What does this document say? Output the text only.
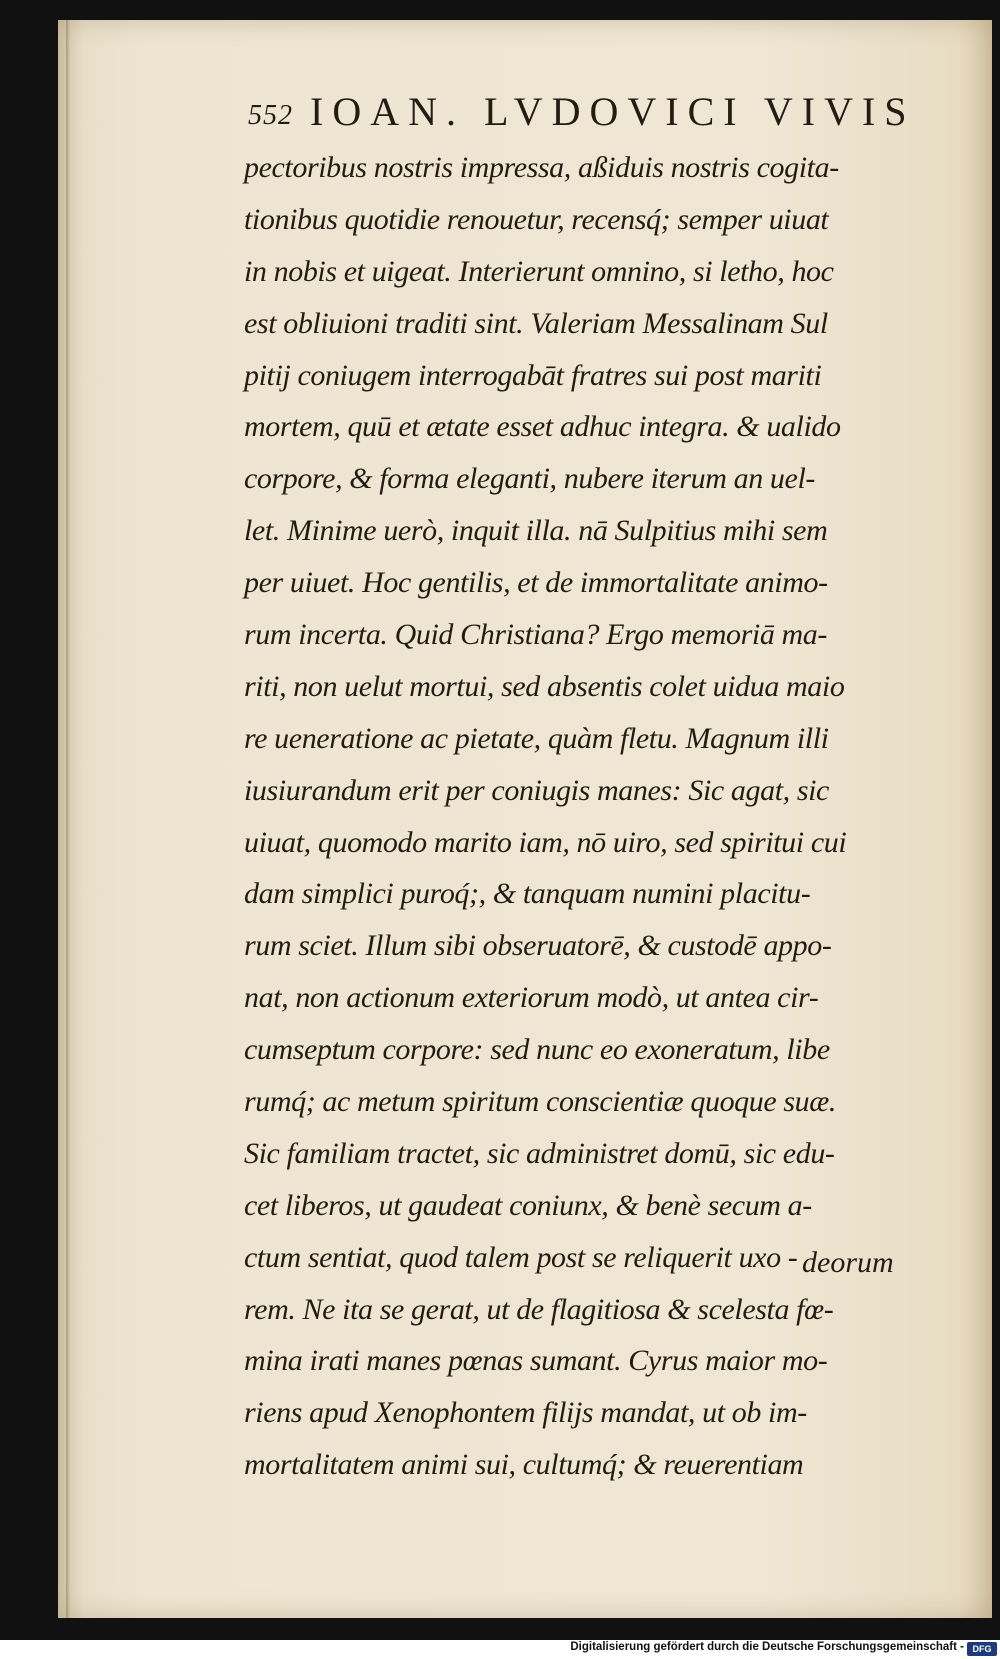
552 IOAN. LVDOVICI VIVIS
pectoribus nostris impressa, aßiduis nostris cogita-
tionibus quotidie renouetur, recensq́; semper uiuat
in nobis et uigeat. Interierunt omnino, si letho, hoc
est obliuioni traditi sint. Valeriam Messalinam Sul
pitij coniugem interrogabāt fratres sui post mariti
mortem, quū et ætate esset adhuc integra. & ualido
corpore, & forma eleganti, nubere iterum an uel-
let. Minime uerò, inquit illa. nā Sulpitius mihi sem
per uiuet. Hoc gentilis, et de immortalitate animo-
rum incerta. Quid Christiana? Ergo memoriā ma-
riti, non uelut mortui, sed absentis colet uidua maio
re ueneratione ac pietate, quàm fletu. Magnum illi
iusiurandum erit per coniugis manes: Sic agat, sic
uiuat, quomodo marito iam, nō uiro, sed spiritui cui
dam simplici puroq́;, & tanquam numini placitu-
rum sciet. Illum sibi obseruatorē, & custodē appo-
nat, non actionum exteriorum modò, ut antea cir-
cumseptum corpore: sed nunc eo exoneratum, libe
rumq́; ac metum spiritum conscientiæ quoque suæ.
Sic familiam tractet, sic administret domū, sic edu-
cet liberos, ut gaudeat coniunx, & benè secum a-
ctum sentiat, quod talem post se reliquerit uxo -
rem. Ne ita se gerat, ut de flagitiosa & scelesta fœ-
mina irati manes pœnas sumant. Cyrus maior mo-
riens apud Xenophontem filijs mandat, ut ob im-
mortalitatem animi sui, cultumq́; & reuerentiam
deorum
Digitalisierung gefördert durch die Deutsche Forschungsgemeinschaft - DFG
